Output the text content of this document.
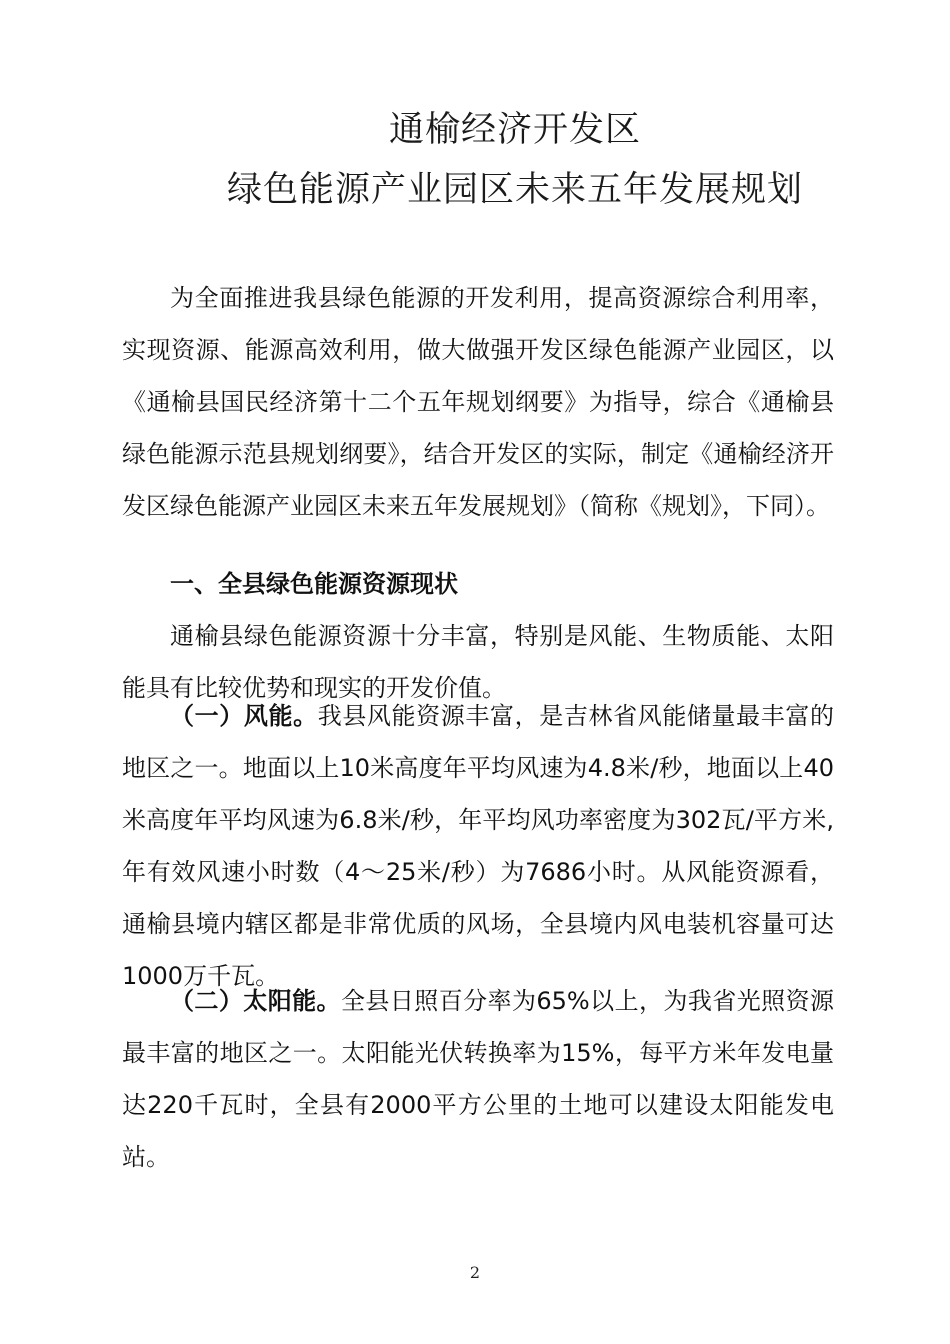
通榆经济开发区
绿色能源产业园区未来五年发展规划

为全面推进我县绿色能源的开发利用，提高资源综合利用率，实现资源、能源高效利用，做大做强开发区绿色能源产业园区，以《通榆县国民经济第十二个五年规划纲要》为指导，综合《通榆县绿色能源示范县规划纲要》，结合开发区的实际，制定《通榆经济开发区绿色能源产业园区未来五年发展规划》（简称《规划》，下同）。

一、全县绿色能源资源现状

通榆县绿色能源资源十分丰富，特别是风能、生物质能、太阳能具有比较优势和现实的开发价值。

（一）风能。我县风能资源丰富，是吉林省风能储量最丰富的地区之一。地面以上10米高度年平均风速为4.8米/秒，地面以上40米高度年平均风速为6.8米/秒，年平均风功率密度为302瓦/平方米,年有效风速小时数（4～25米/秒）为7686小时。从风能资源看，通榆县境内辖区都是非常优质的风场，全县境内风电装机容量可达1000万千瓦。

（二）太阳能。全县日照百分率为65%以上，为我省光照资源最丰富的地区之一。太阳能光伏转换率为15%，每平方米年发电量达220千瓦时，全县有2000平方公里的土地可以建设太阳能发电站。

2
